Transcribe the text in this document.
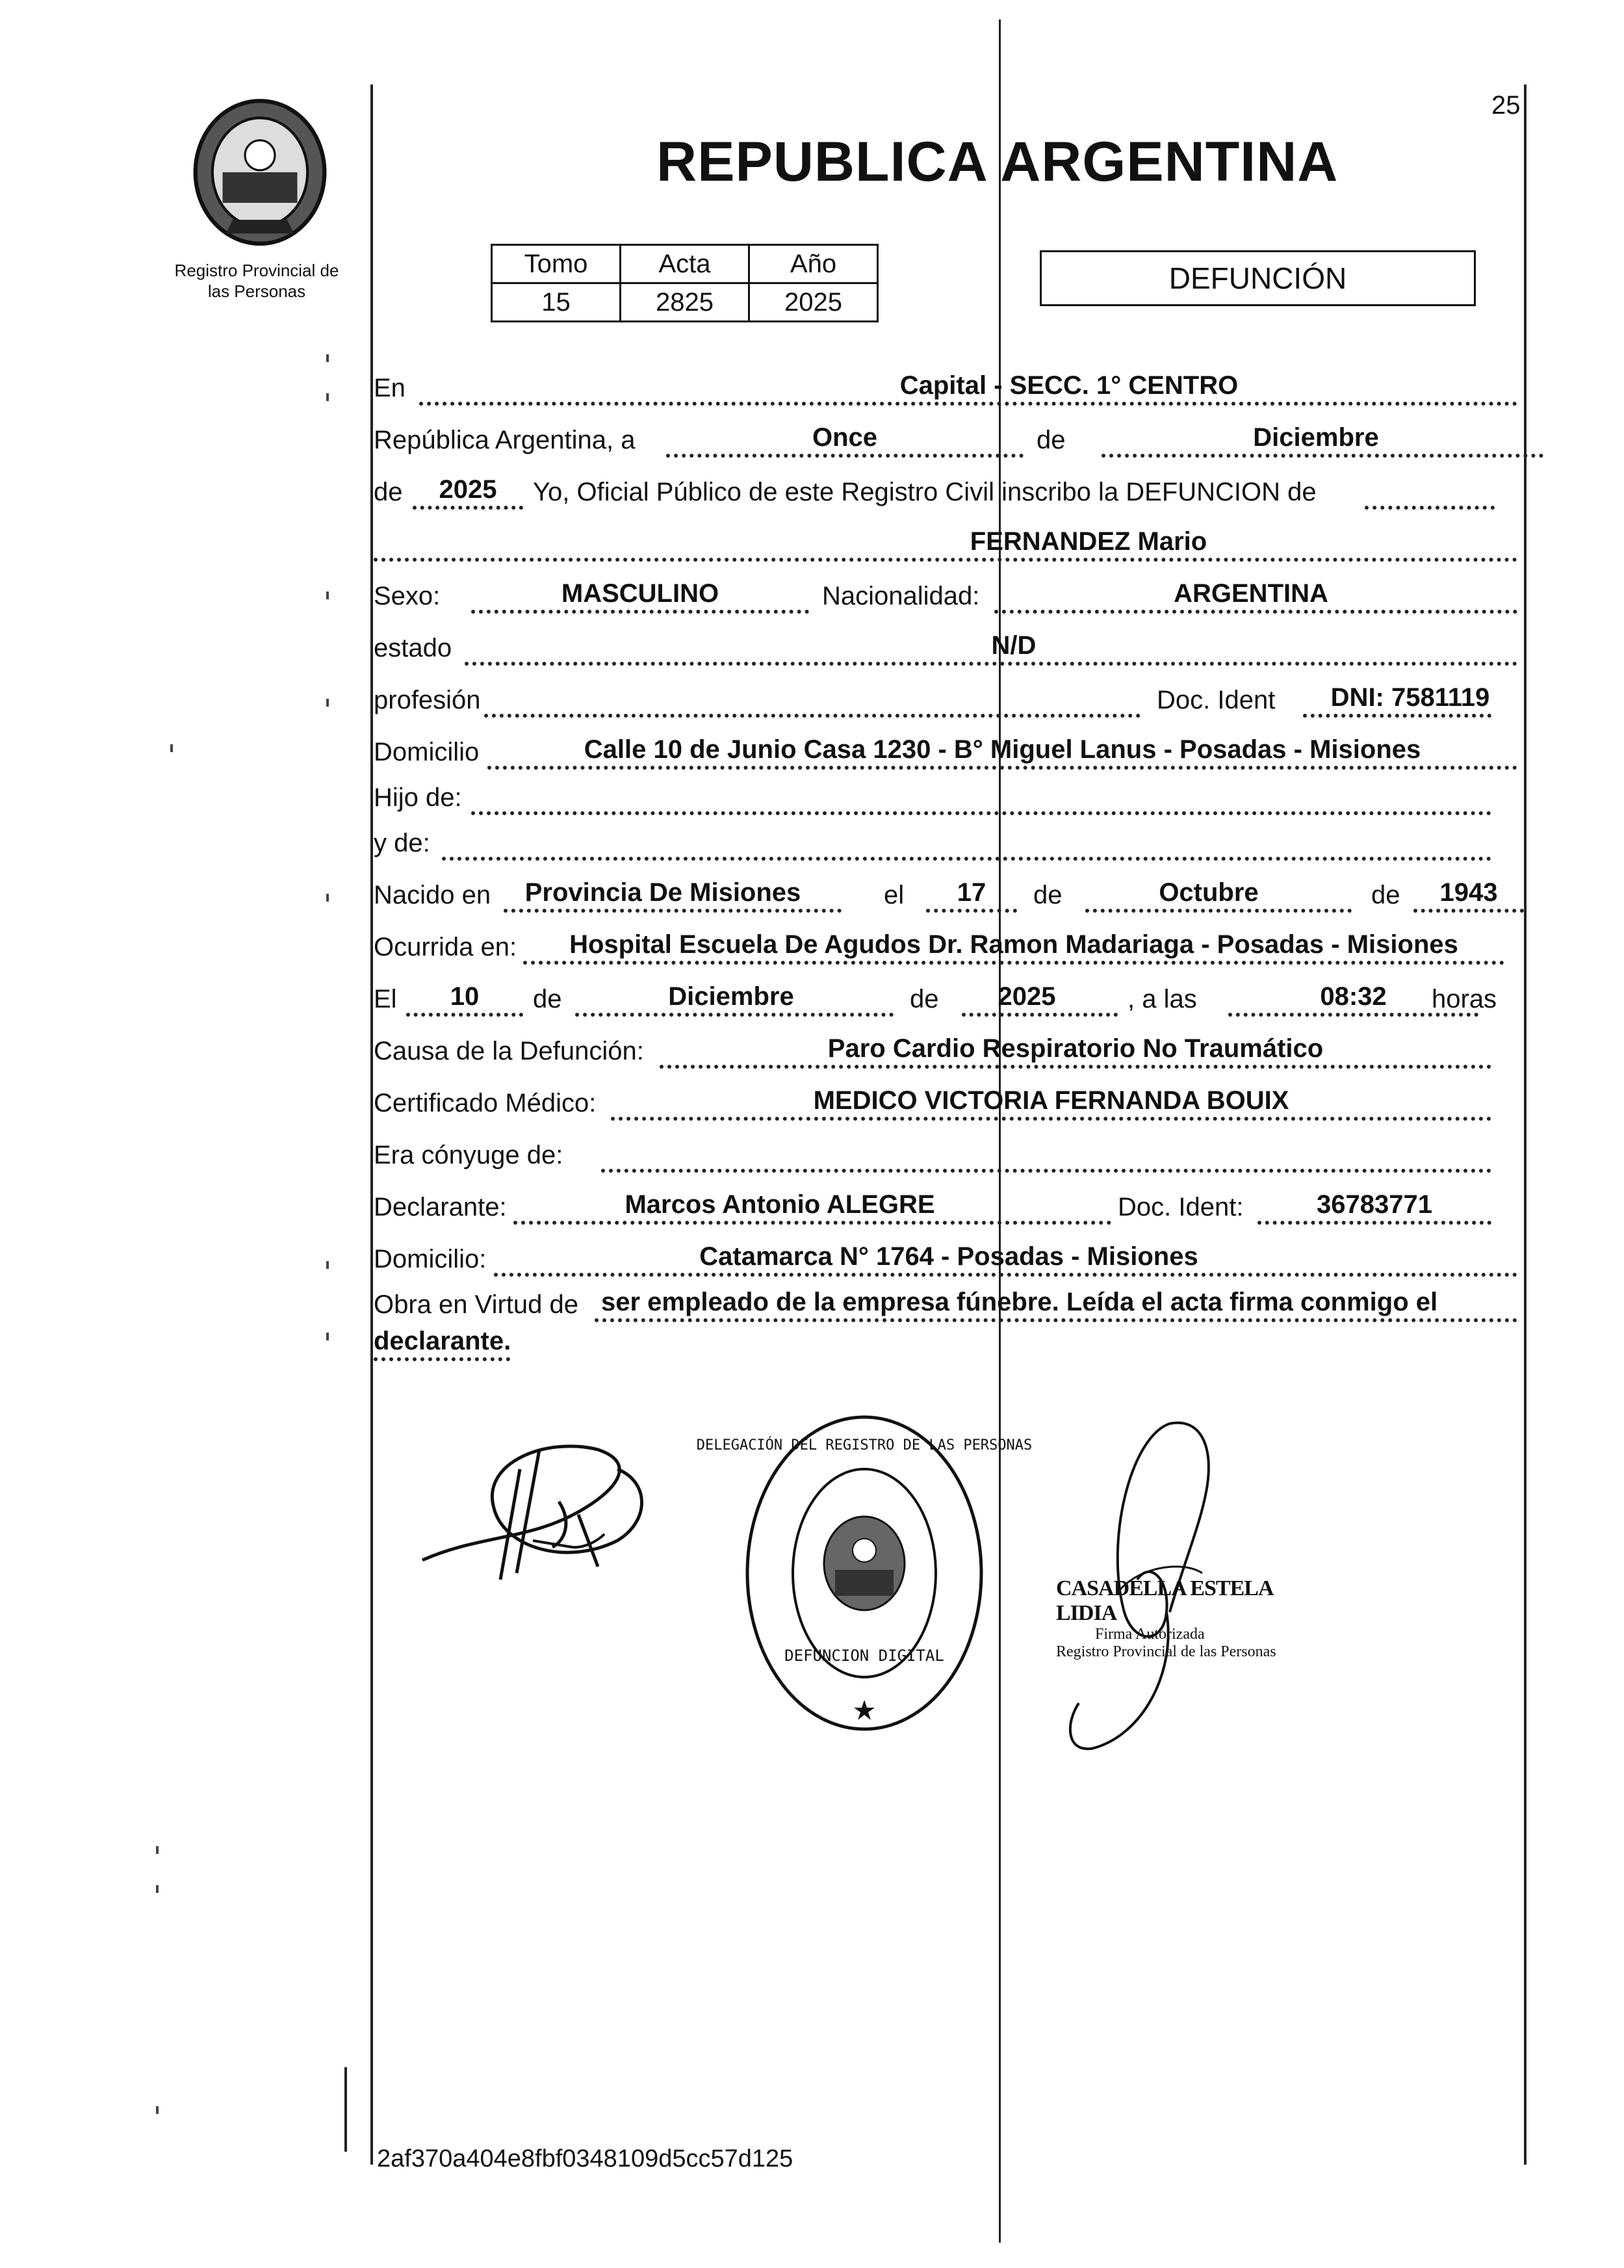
25
Registro Provincial de
las Personas
REPUBLICA ARGENTINA
Tomo	Acta	Año
15	2825	2025
DEFUNCIÓN
En	Capital - SECC. 1° CENTRO
República Argentina, a	Once	de	Diciembre
de	2025	Yo, Oficial Público de este Registro Civil inscribo la DEFUNCION de
FERNANDEZ Mario
Sexo:	MASCULINO	Nacionalidad:	ARGENTINA
estado	N/D
profesión	Doc. Ident	DNI: 7581119
Domicilio	Calle 10 de Junio Casa 1230 - B° Miguel Lanus - Posadas - Misiones
Hijo de:
y de:
Nacido en	Provincia De Misiones	el	17	de	Octubre	de	1943
Ocurrida en:	Hospital Escuela De Agudos Dr. Ramon Madariaga - Posadas - Misiones
El	10	de	Diciembre	de	2025	, a las	08:32	horas
Causa de la Defunción:	Paro Cardio Respiratorio No Traumático
Certificado Médico:	MEDICO VICTORIA FERNANDA BOUIX
Era cónyuge de:
Declarante:	Marcos Antonio ALEGRE	Doc. Ident:	36783771
Domicilio:	Catamarca N° 1764 - Posadas - Misiones
Obra en Virtud de ser empleado de la empresa fúnebre. Leída el acta firma conmigo el
declarante.
DELEGACIÓN DEL REGISTRO DE LAS PERSONAS
DEFUNCION DIGITAL
CASADELLA ESTELA LIDIA
Firma Autorizada
Registro Provincial de las Personas
2af370a404e8fbf0348109d5cc57d125
